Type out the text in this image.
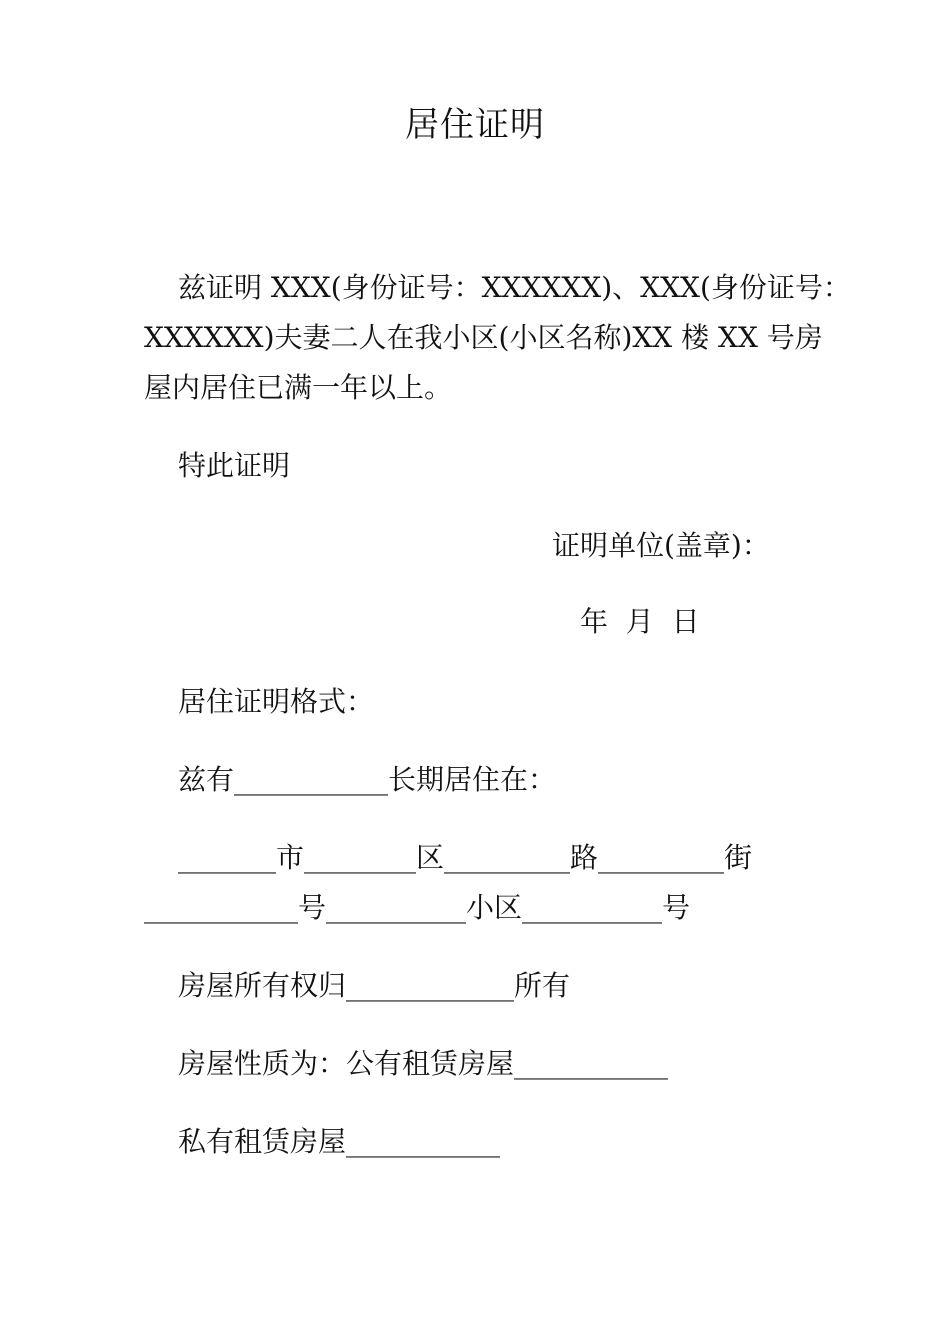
居住证明
兹证明 XXX(身份证号：XXXXXX)、XXX(身份证号：
XXXXXX)夫妻二人在我小区(小区名称)XX 楼 XX 号房
屋内居住已满一年以上。
特此证明
证明单位(盖章)：
年  月  日
居住证明格式：
兹有___________长期居住在：
_______市________区_________路_________街
___________号__________小区__________号
房屋所有权归____________所有
房屋性质为：公有租赁房屋___________
私有租赁房屋___________
